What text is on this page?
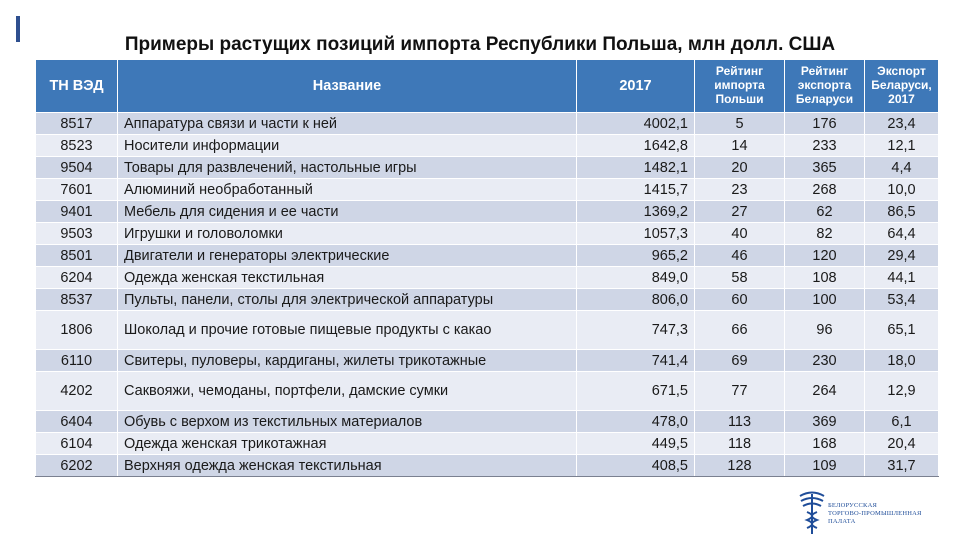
Примеры растущих позиций импорта Республики Польша, млн долл. США
ТН ВЭД	Название	2017	Рейтинг импорта Польши	Рейтинг экспорта Беларуси	Экспорт Беларуси, 2017
8517	Аппаратура связи и части к ней	4002,1	5	176	23,4
8523	Носители информации	1642,8	14	233	12,1
9504	Товары для развлечений, настольные игры	1482,1	20	365	4,4
7601	Алюминий необработанный	1415,7	23	268	10,0
9401	Мебель для сидения и ее части	1369,2	27	62	86,5
9503	Игрушки и головоломки	1057,3	40	82	64,4
8501	Двигатели и генераторы электрические	965,2	46	120	29,4
6204	Одежда женская текстильная	849,0	58	108	44,1
8537	Пульты, панели, столы для электрической аппаратуры	806,0	60	100	53,4
1806	Шоколад и прочие готовые пищевые продукты с какао	747,3	66	96	65,1
6110	Свитеры, пуловеры, кардиганы, жилеты трикотажные	741,4	69	230	18,0
4202	Саквояжи, чемоданы, портфели, дамские сумки	671,5	77	264	12,9
6404	Обувь с верхом из текстильных материалов	478,0	113	369	6,1
6104	Одежда женская трикотажная	449,5	118	168	20,4
6202	Верхняя одежда женская текстильная	408,5	128	109	31,7
БЕЛОРУССКАЯ
ТОРГОВО-ПРОМЫШЛЕННАЯ
ПАЛАТА
